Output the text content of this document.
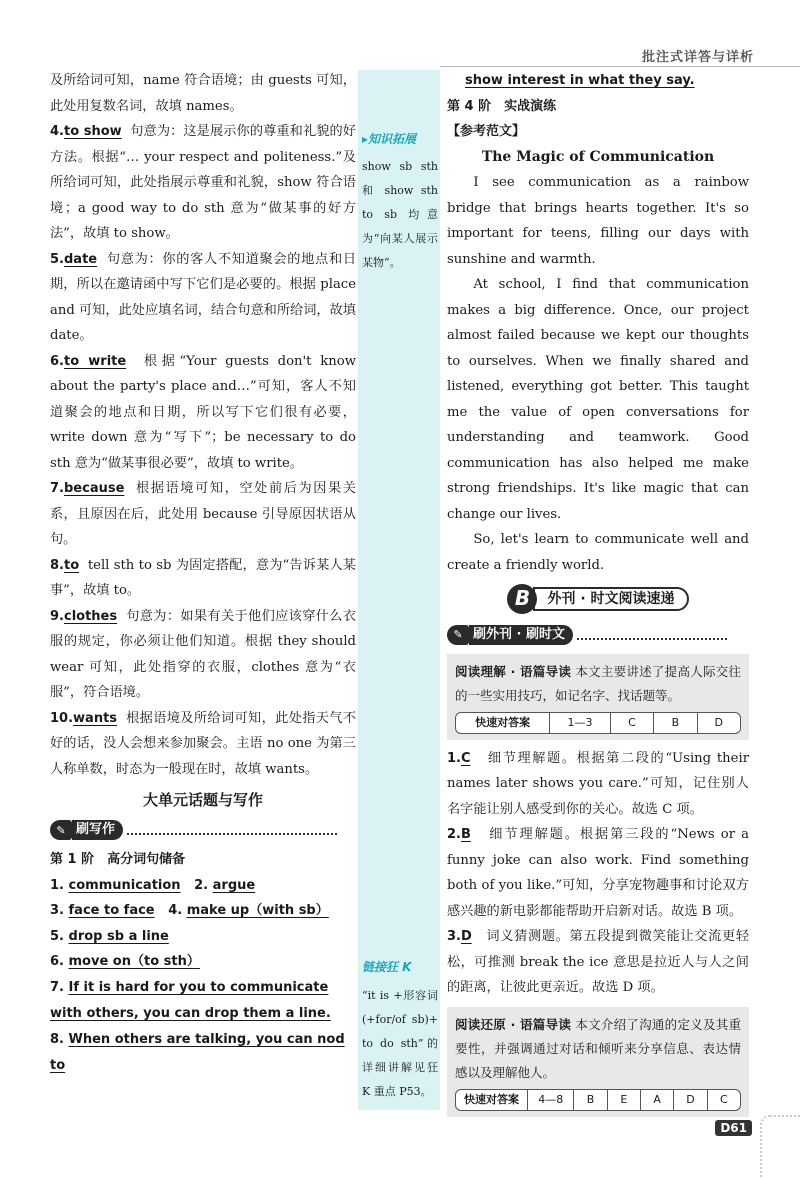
批注式详答与详析

及所给词可知，name 符合语境；由 guests 可知，此处用复数名词，故填 names。

4.to show 句意为：这是展示你的尊重和礼貌的好方法。根据“… your respect and politeness.”及所给词可知，此处指展示尊重和礼貌，show 符合语境；a good way to do sth 意为“做某事的好方法”，故填 to show。

5.date 句意为：你的客人不知道聚会的地点和日期，所以在邀请函中写下它们是必要的。根据 place and 可知，此处应填名词，结合句意和所给词，故填 date。

6.to write 根据“Your guests don't know about the party's place and…”可知，客人不知道聚会的地点和日期，所以写下它们很有必要，write down 意为“写下”；be necessary to do sth 意为“做某事很必要”，故填 to write。

7.because 根据语境可知，空处前后为因果关系，且原因在后，此处用 because 引导原因状语从句。

8.to tell sth to sb 为固定搭配，意为“告诉某人某事”，故填 to。

9.clothes 句意为：如果有关于他们应该穿什么衣服的规定，你必须让他们知道。根据 they should wear 可知，此处指穿的衣服，clothes 意为“衣服”，符合语境。

10.wants 根据语境及所给词可知，此处指天气不好的话，没人会想来参加聚会。主语 no one 为第三人称单数，时态为一般现在时，故填 wants。

大单元话题与写作
✎ 刷写作
第 1 阶　高分词句储备
1. communication 2. argue
3. face to face 4. make up（with sb）
5. drop sb a line
6. move on（to sth）
7. If it is hard for you to communicate with others, you can drop them a line.
8. When others are talking, you can nod to
▸知识拓展
show sb sth 和 show sth to sb 均意为“向某人展示某物”。
链接狂 K
“it is +形容词(+for/of sb)+ to do sth”的详细讲解见狂 K 重点 P53。
show interest in what they say.
第 4 阶　实战演练
【参考范文】
The Magic of Communication

I see communication as a rainbow bridge that brings hearts together. It's so important for teens, filling our days with sunshine and warmth.

At school, I find that communication makes a big difference. Once, our project almost failed because we kept our thoughts to ourselves. When we finally shared and listened, everything got better. This taught me the value of open conversations for understanding and teamwork. Good communication has also helped me make strong friendships. It's like magic that can change our lives.

So, let's learn to communicate well and create a friendly world.

B	外刊 · 时文阅读速递
✎ 刷外刊 · 刷时文
阅读理解 · 语篇导读 本文主要讲述了提高人际交往的一些实用技巧，如记名字、找话题等。
快速对答案	1—3	C	B	D

1.C 细节理解题。根据第二段的“Using their names later shows you care.”可知，记住别人名字能让别人感受到你的关心。故选 C 项。

2.B 细节理解题。根据第三段的“News or a funny joke can also work. Find something both of you like.”可知，分享宠物趣事和讨论双方感兴趣的新电影都能帮助开启新对话。故选 B 项。

3.D 词义猜测题。第五段提到微笑能让交流更轻松，可推测 break the ice 意思是拉近人与人之间的距离，让彼此更亲近。故选 D 项。

阅读还原 · 语篇导读 本文介绍了沟通的定义及其重要性，并强调通过对话和倾听来分享信息、表达情感以及理解他人。
快速对答案	4—8	B	E	A	D	C
D61
